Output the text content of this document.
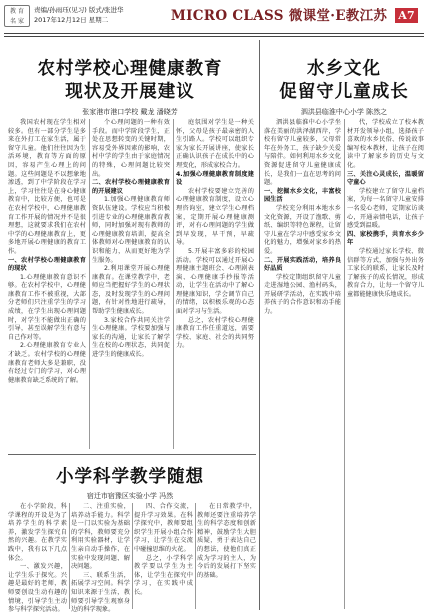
教 育
名 家
责编/孙雨珏(见习) 版式/张进华
2017年12月12日 星期二	MICRO CLASS 微课堂·E教江苏 A7
农村学校心理健康教育
现状及开展建议
张家港市港口学校 戴龙 潘晓芳

我国农村现在学生相对较多。但有一部分学生是多来在外打工在家生活，属于留守儿童。他们往往因为生活环境，教育等方面的原因，容易产生心理上的问题。这些问题是不以想象地渗透，到了中学阶段在学习上，学习往往是在身心健康教育中，比较方便，也可是在农村学校中，心理健康教育工作开展的情况并不是很理想，这就要求我们在农村中学的心理健康教育上，更多地开展心理健康的教育工作。

一、农村学校心理健康教育的现状

1.心理健康教育意识不够。在农村学校中，心理健康教育工作不被重视，大部分老师们只注重学生的学习成绩，在学生出现心理问题时，对学生不能做出正确的引导，甚至误解学生有意与自己作对等。

2.心理健康教育专业人才缺乏。农村学校的心理健康教育老师大多是兼职，没有经过专门的学习，对心理健康教育缺乏系统的了解。

个心理问题的一种有效手段。而中学阶段学生，正处在思想转变的关键时期，容易受外界因素的影响，农村中学的学生由于家庭情况的特殊，心理问题比较突出。

二、农村学校心理健康教育的开展建议

1.加强心理健康教育师资队伍建设。学校应当积极引进专业的心理健康教育教师，同时加强对现有教师的心理健康教育培训，提高全体教师对心理健康教育的认识和能力，从而更好地为学生服务。

2.利用课堂开展心理健康教育。在课堂教学中，老师应当把握好学生的心理状态，及时发现学生的心理问题，有针对性地进行疏导，帮助学生健康成长。

3.家校合作共同关注学生心理健康。学校要加强与家长的沟通，让家长了解学生在校的心理状态，共同促进学生的健康成长。

庭氛围对学生是一种关怀，父母是孩子最亲密的人生引路人。学校可以组织专家为家长开展讲座，使家长正确认识孩子在成长中的心理变化，形成家校合力。

4.加强心理健康教育制度建设

农村学校要建立完善的心理健康教育制度，设立心理咨询室，建立学生心理档案，定期开展心理健康测评，对有心理问题的学生做到早发现，早干预，早疏导。

5.开展丰富多彩的校园活动。学校可以通过开展心理健康主题班会、心理剧表演、心理健康手抄报等活动，让学生在活动中了解心理健康知识，学会调节自己的情绪，以积极乐观的心态面对学习与生活。

总之，农村学校心理健康教育工作任重道远，需要学校、家庭、社会的共同努力。

水乡文化
促留守儿童成长
泗洪县临淮中心小学 陈然之

泗洪县临淮中心小学坐落在美丽的洪泽湖西岸，学校有留守儿童较多，父母常年在外务工，孩子缺少关爱与陪伴。如何利用水乡文化资源促进留守儿童健康成长，是我们一直在思考的问题。

一、挖掘水乡文化，丰富校园生活

学校充分利用本地水乡文化资源，开设了渔歌、剪纸、编织等特色课程，让留守儿童在学习中感受家乡文化的魅力，增强对家乡的热爱。

二、开展实践活动，培养良好品质

学校定期组织留守儿童走进湿地公园、渔村码头，开展研学活动，在实践中培养孩子的合作意识和动手能力。

代，学校成立了校本教材开发领导小组，选择孩子喜欢的水乡民俗、传说故事编写校本教材，让孩子在阅读中了解家乡的历史与文化。

三、关注心灵成长，温暖留守童心

学校建立了留守儿童档案，为每一名留守儿童安排一名爱心老师，定期家访谈心，开通亲情电话，让孩子感受到温暖。

四、家校携手，共育水乡少年

学校通过家长学校、微信群等方式，加强与外出务工家长的联系，让家长及时了解孩子的成长情况，形成教育合力，让每一个留守儿童都能健康快乐地成长。

小学科学教学随想
宿迁市宿豫区实验小学 冯然

在小学阶段，科学课程的开设是为了培养学生的科学素养，激发学生探究自然的兴趣。在教学实践中，我有以下几点体会。

一、激发兴趣，让学生乐于探究。兴趣是最好的老师，教师要创设生动有趣的情境，引导学生主动参与科学探究活动。

二、注重实验，培养动手能力。科学是一门以实验为基础的学科，教师要充分利用实验器材，让学生亲自动手操作，在实验中发现问题、解决问题。

三、联系生活，拓展学习空间。科学知识来源于生活，教师要引导学生观察身边的科学现象。

四、合作交流，提升学习效果。在科学探究中，教师要组织学生开展小组合作学习，让学生在交流中碰撞思维的火花。

总之，小学科学教学要以学生为主体，让学生在探究中学习，在实践中成长。

在日常教学中，教师还要注重培养学生的科学态度和创新精神，鼓励学生大胆质疑，勇于表达自己的想法，使他们真正成为学习的主人，为今后的发展打下坚实的基础。
